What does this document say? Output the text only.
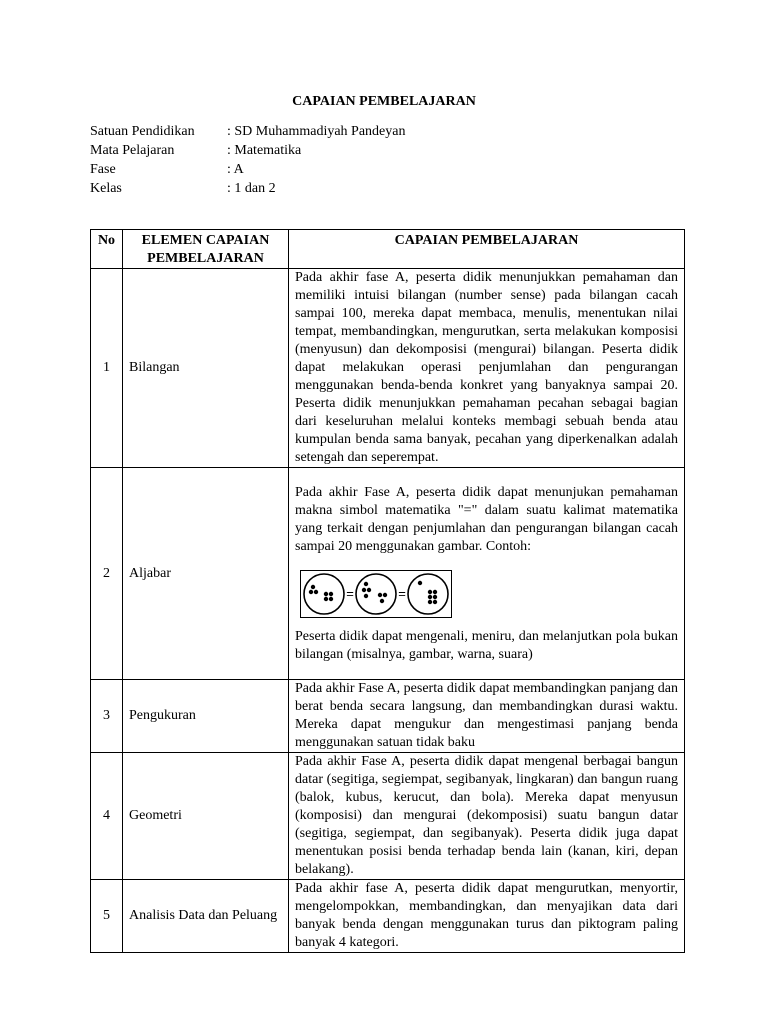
CAPAIAN PEMBELAJARAN
Satuan Pendidikan	: SD Muhammadiyah Pandeyan
Mata Pelajaran	: Matematika
Fase	: A
Kelas	: 1 dan 2
No	ELEMEN CAPAIAN PEMBELAJARAN	CAPAIAN PEMBELAJARAN
1	Bilangan	Pada akhir fase A, peserta didik menunjukkan pemahaman dan memiliki intuisi bilangan (number sense) pada bilangan cacah sampai 100, mereka dapat membaca, menulis, menentukan nilai tempat, membandingkan, mengurutkan, serta melakukan komposisi (menyusun) dan dekomposisi (mengurai) bilangan. Peserta didik dapat melakukan operasi penjumlahan dan pengurangan menggunakan benda-benda konkret yang banyaknya sampai 20. Peserta didik menunjukkan pemahaman pecahan sebagai bagian dari keseluruhan melalui konteks membagi sebuah benda atau kumpulan benda sama banyak, pecahan yang diperkenalkan adalah setengah dan seperempat.
2	Aljabar	Pada akhir Fase A, peserta didik dapat menunjukan pemahaman makna simbol matematika "=" dalam suatu kalimat matematika yang terkait dengan penjumlahan dan pengurangan bilangan cacah sampai 20 menggunakan gambar. Contoh:
= =
Peserta didik dapat mengenali, meniru, dan melanjutkan pola bukan bilangan (misalnya, gambar, warna, suara)

3	Pengukuran	Pada akhir Fase A, peserta didik dapat membandingkan panjang dan berat benda secara langsung, dan membandingkan durasi waktu. Mereka dapat mengukur dan mengestimasi panjang benda menggunakan satuan tidak baku
4	Geometri	Pada akhir Fase A, peserta didik dapat mengenal berbagai bangun datar (segitiga, segiempat, segibanyak, lingkaran) dan bangun ruang (balok, kubus, kerucut, dan bola). Mereka dapat menyusun (komposisi) dan mengurai (dekomposisi) suatu bangun datar (segitiga, segiempat, dan segibanyak). Peserta didik juga dapat menentukan posisi benda terhadap benda lain (kanan, kiri, depan belakang).
5	Analisis Data dan Peluang	Pada akhir fase A, peserta didik dapat mengurutkan, menyortir, mengelompokkan, membandingkan, dan menyajikan data dari banyak benda dengan menggunakan turus dan piktogram paling banyak 4 kategori.
